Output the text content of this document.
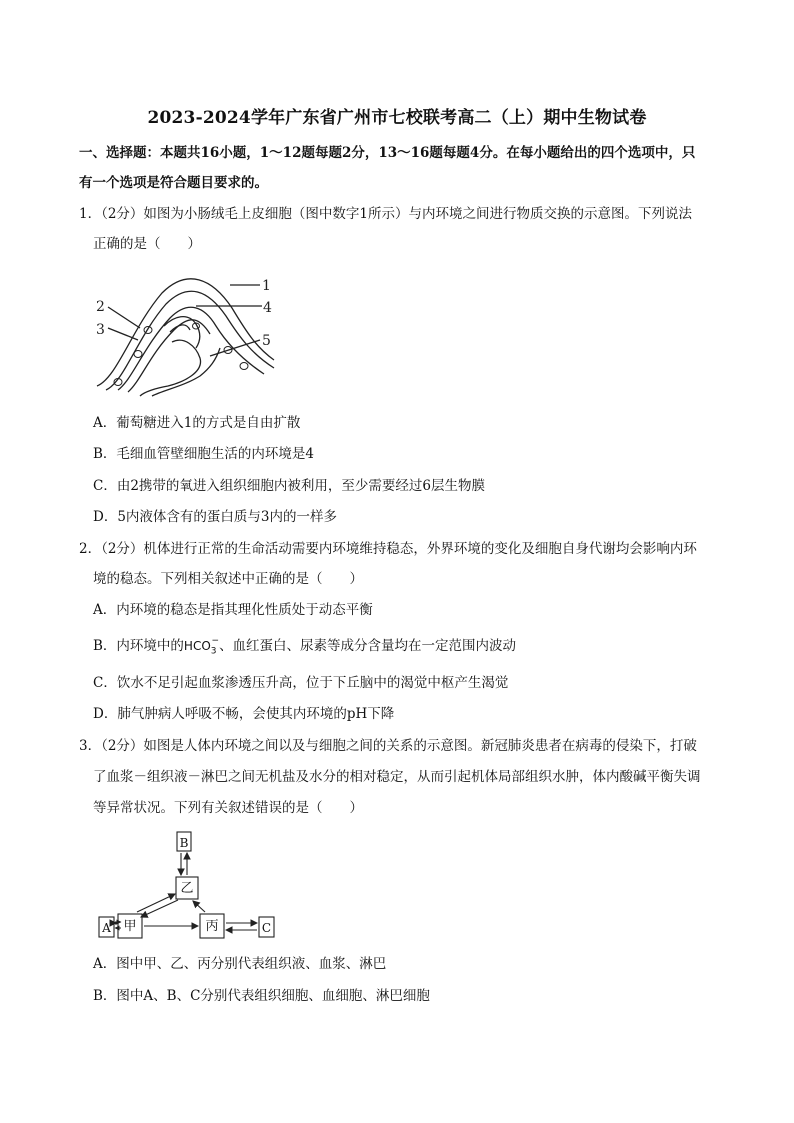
2023-2024学年广东省广州市七校联考高二（上）期中生物试卷
一、选择题：本题共16小题，1～12题每题2分，13～16题每题4分。在每小题给出的四个选项中，只
有一个选项是符合题目要求的。
1．（2分）如图为小肠绒毛上皮细胞（图中数字1所示）与内环境之间进行物质交换的示意图。下列说法
正确的是（　　）
1
2
3
4
5
A．葡萄糖进入1的方式是自由扩散
B．毛细血管壁细胞生活的内环境是4
C．由2携带的氧进入组织细胞内被利用，至少需要经过6层生物膜
D．5内液体含有的蛋白质与3内的一样多
2．（2分）机体进行正常的生命活动需要内环境维持稳态，外界环境的变化及细胞自身代谢均会影响内环
境的稳态。下列相关叙述中正确的是（　　）
A．内环境的稳态是指其理化性质处于动态平衡
B．内环境中的$HCO_3^-$、血红蛋白、尿素等成分含量均在一定范围内波动
C．饮水不足引起血浆渗透压升高，位于下丘脑中的渴觉中枢产生渴觉
D．肺气肿病人呼吸不畅，会使其内环境的pH下降
3．（2分）如图是人体内环境之间以及与细胞之间的关系的示意图。新冠肺炎患者在病毒的侵染下，打破
了血浆－组织液－淋巴之间无机盐及水分的相对稳定，从而引起机体局部组织水肿，体内酸碱平衡失调
等异常状况。下列有关叙述错误的是（　　）
B
乙
A 甲	丙	C
A．图中甲、乙、丙分别代表组织液、血浆、淋巴
B．图中A、B、C分别代表组织细胞、血细胞、淋巴细胞
